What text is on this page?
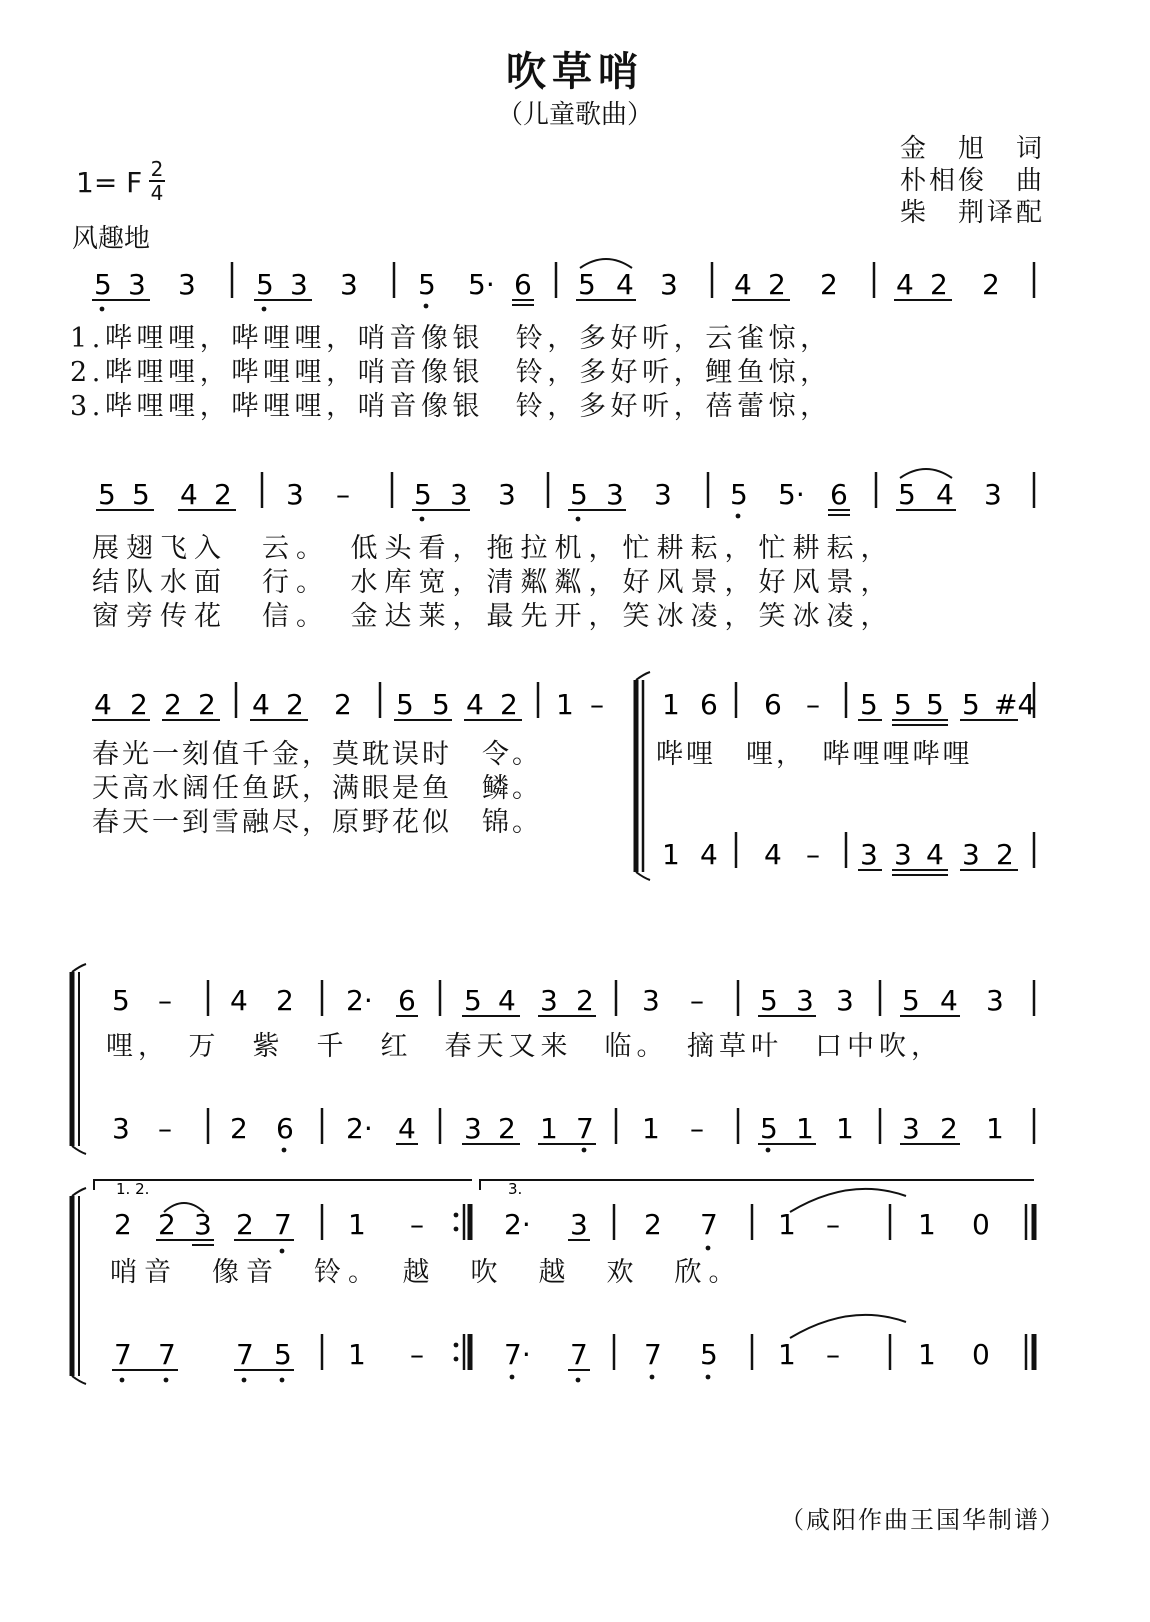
吹草哨
（儿童歌曲）
金　旭　词
朴相俊　曲
柴　荆译配
1= F 2
4
风趣地
1.哔哩哩，哔哩哩，哨音像银　铃，多好听，云雀惊，
2.哔哩哩，哔哩哩，哨音像银　铃，多好听，鲤鱼惊，
3.哔哩哩，哔哩哩，哨音像银　铃，多好听，蓓蕾惊，
展翅飞入　云。　低头看，拖拉机，忙耕耘，忙耕耘，
结队水面　行。　水库宽，清粼粼，好风景，好风景，
窗旁传花　信。　金达莱，最先开，笑冰凌，笑冰凌，
春光一刻值千金，莫耽误时　令。
天高水阔任鱼跃，满眼是鱼　鳞。
春天一到雪融尽，原野花似　锦。
哔哩　哩，　哔哩哩哔哩
哩，　万　紫　千　红　春天又来　临。　摘草叶　口中吹，
哨音　像音　铃。　越　吹　越　欢　欣。
（咸阳作曲王国华制谱）
5 3 3 5 3 3 5 5· 6 5 4 3 4 2 2 4 2 2
5 5 4 2 3 – 5 3 3 5 3 3 5 5· 6 5 4 3
4 2 2 2 4 2 2 5 5 4 2 1 – 1 6 6 – 5 5 5 5 #4
1 4 4 – 3 3 4 3 2
5 – 4 2 2· 6 5 4 3 2 3 – 5 3 3 5 4 3
3 – 2 6 2· 4 3 2 1 7 1 – 5 1 1 3 2 1
1. 2.	3.
2 2 3 2 7 1 –	2· 3 2 7 1 –	1 0
7 7 7 5 1 –	7· 7 7 5 1 –	1 0
